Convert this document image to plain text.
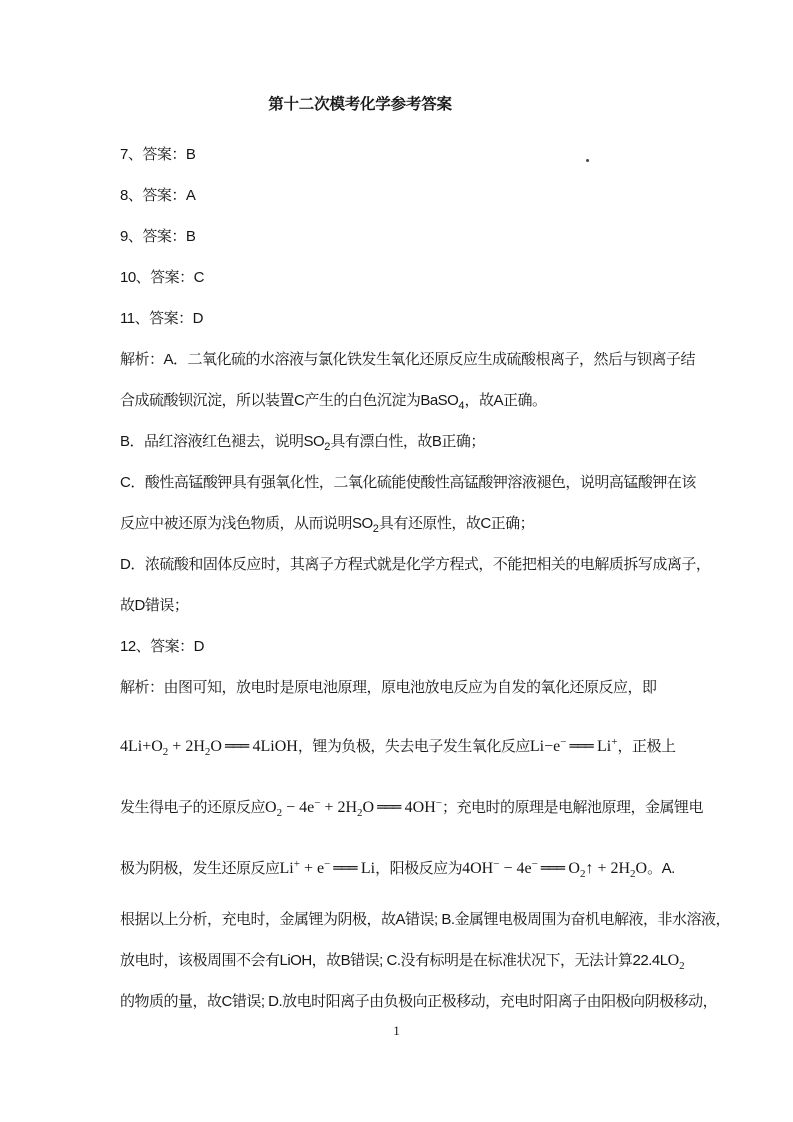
第十二次模考化学参考答案
7、答案：B
8、答案：A
9、答案：B
10、答案：C
11、答案：D
解析：A．二氧化硫的水溶液与氯化铁发生氧化还原反应生成硫酸根离子，然后与钡离子结
合成硫酸钡沉淀，所以装置C产生的白色沉淀为BaSO$_4$，故A正确。
B．品红溶液红色褪去，说明$SO_2$具有漂白性，故B正确；
C．酸性高锰酸钾具有强氧化性，二氧化硫能使酸性高锰酸钾溶液褪色，说明高锰酸钾在该
反应中被还原为浅色物质，从而说明$SO_2$具有还原性，故C正确；
D．浓硫酸和固体反应时，其离子方程式就是化学方程式，不能把相关的电解质拆写成离子，
故D错误；
12、答案：D
解析：由图可知，放电时是原电池原理，原电池放电反应为自发的氧化还原反应，即
$4Li+O_2 + 2H_2O$ ═══ 4LiOH，锂为负极，失去电子发生氧化反应Li−e− ═══ Li+，正极上
发生得电子的还原反应$O_2 - 4e^- + 2H_2O$ ═══ 4OH−；充电时的原理是电解池原理，金属锂电
极为阴极，发生还原反应Li+ + e− ═══ Li，阳极反应为4OH− − 4e− ═══ $O_2↑ + 2H_2O$。A.
根据以上分析，充电时，金属锂为阴极，故A错误; B.金属锂电极周围为奋机电解液，非水溶液，
放电时，该极周围不会有LiOH，故B错误; C.没有标明是在标准状况下，无法计算$22.4LO_2$
的物质的量，故C错误; D.放电时阳离子由负极向正极移动，充电时阳离子由阳极向阴极移动，
1
